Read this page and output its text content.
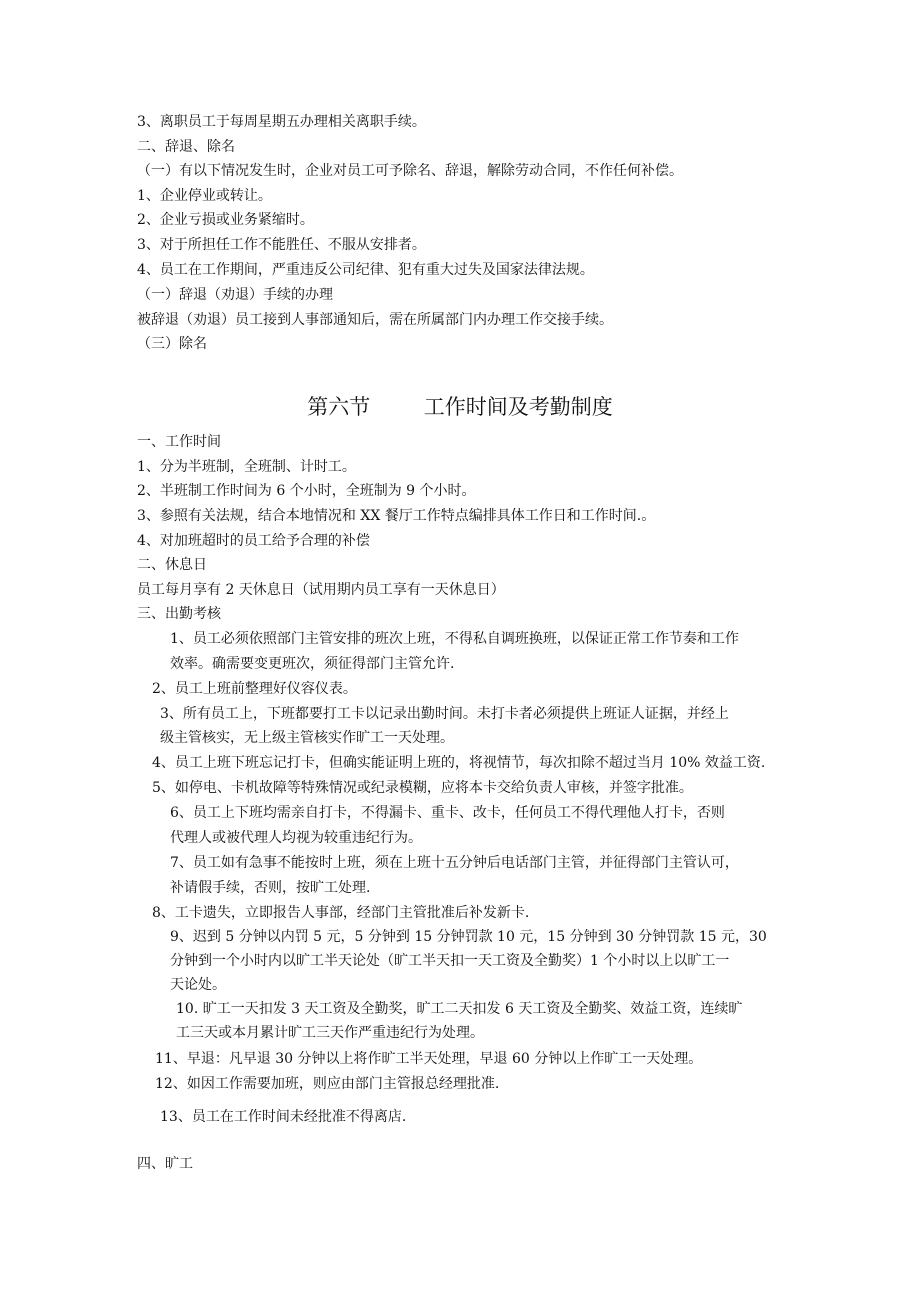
3、离职员工于每周星期五办理相关离职手续。
二、辞退、除名
（一）有以下情况发生时，企业对员工可予除名、辞退，解除劳动合同，不作任何补偿。
1、企业停业或转让。
2、企业亏损或业务紧缩时。
3、对于所担任工作不能胜任、不服从安排者。
4、员工在工作期间，严重违反公司纪律、犯有重大过失及国家法律法规。
（一）辞退（劝退）手续的办理
被辞退（劝退）员工接到人事部通知后，需在所属部门内办理工作交接手续。
（三）除名
第六节        工作时间及考勤制度
一、工作时间
1、分为半班制，全班制、计时工。
2、半班制工作时间为 6 个小时，全班制为 9 个小时。
3、参照有关法规，结合本地情况和 XX 餐厅工作特点编排具体工作日和工作时间.。
4、对加班超时的员工给予合理的补偿
二、休息日
员工每月享有 2 天休息日（试用期内员工享有一天休息日）
三、出勤考核
1、员工必须依照部门主管安排的班次上班，不得私自调班换班，以保证正常工作节奏和工作
效率。确需要变更班次，须征得部门主管允许.
2、员工上班前整理好仪容仪表。
3、所有员工上，下班都要打工卡以记录出勤时间。未打卡者必须提供上班证人证据，并经上
级主管核实，无上级主管核实作旷工一天处理。
4、员工上班下班忘记打卡，但确实能证明上班的，将视情节，每次扣除不超过当月 10% 效益工资.
5、如停电、卡机故障等特殊情况或纪录模糊，应将本卡交给负责人审核，并签字批准。
6、员工上下班均需亲自打卡，不得漏卡、重卡、改卡，任何员工不得代理他人打卡，否则
代理人或被代理人均视为较重违纪行为。
7、员工如有急事不能按时上班，须在上班十五分钟后电话部门主管，并征得部门主管认可，
补请假手续，否则，按旷工处理.
8、工卡遗失，立即报告人事部，经部门主管批准后补发新卡.
9、迟到 5 分钟以内罚 5 元，5 分钟到 15 分钟罚款 10 元，15 分钟到 30 分钟罚款 15 元，30
分钟到一个小时内以旷工半天论处（旷工半天扣一天工资及全勤奖）1 个小时以上以旷工一
天论处。
10. 旷工一天扣发 3 天工资及全勤奖，旷工二天扣发 6 天工资及全勤奖、效益工资，连续旷
工三天或本月累计旷工三天作严重违纪行为处理。
11、早退：凡早退 30 分钟以上将作旷工半天处理，早退 60 分钟以上作旷工一天处理。
12、如因工作需要加班，则应由部门主管报总经理批准.
13、员工在工作时间未经批准不得离店.
四、旷工
